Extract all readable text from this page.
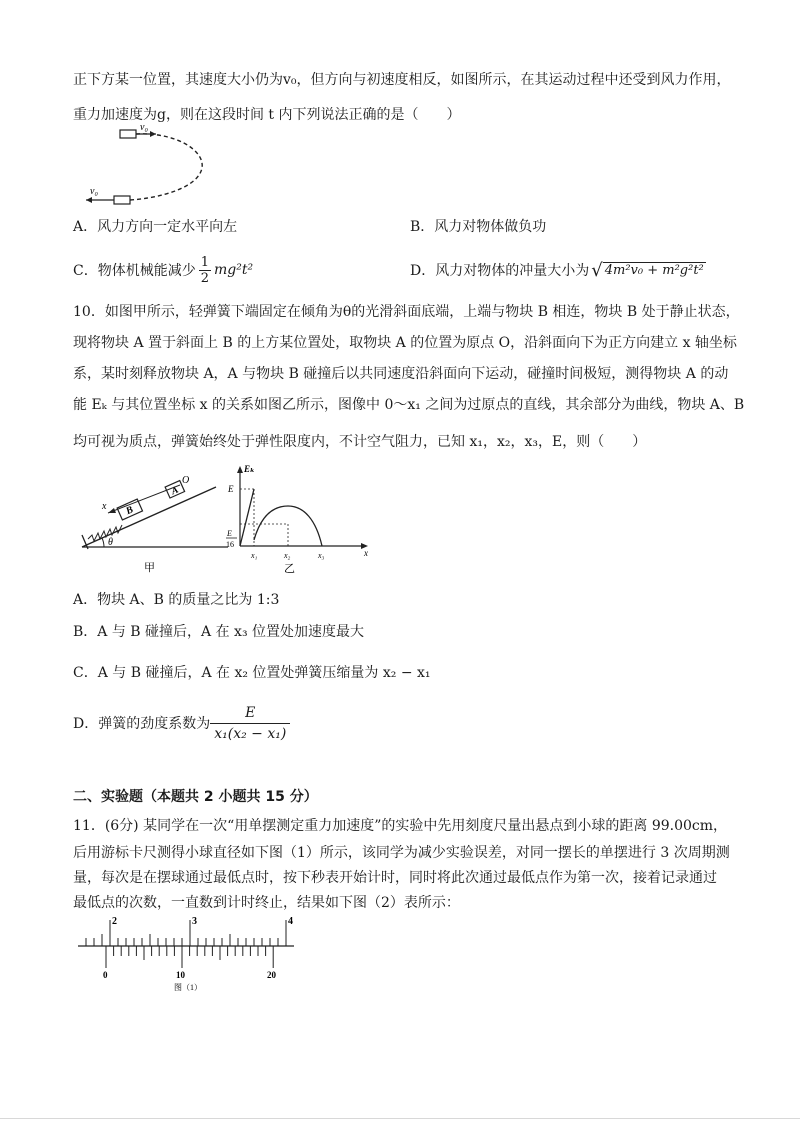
正下方某一位置，其速度大小仍为v₀，但方向与初速度相反，如图所示，在其运动过程中还受到风力作用，
重力加速度为g，则在这段时间 t 内下列说法正确的是（　　）
v₀
v₀
A．风力方向一定水平向左	B．风力对物体做负功
C．物体机械能减少 $\frac{1}{2} mg^2t^2$	D．风力对物体的冲量大小为 √ 4m²v₀ + m²g²t²
10．如图甲所示，轻弹簧下端固定在倾角为θ的光滑斜面底端，上端与物块 B 相连，物块 B 处于静止状态，
现将物块 A 置于斜面上 B 的上方某位置处，取物块 A 的位置为原点 O，沿斜面向下为正方向建立 x 轴坐标
系，某时刻释放物块 A，A 与物块 B 碰撞后以共同速度沿斜面向下运动，碰撞时间极短，测得物块 A 的动
能 Eₖ 与其位置坐标 x 的关系如图乙所示，图像中 0～x₁ 之间为过原点的直线，其余部分为曲线，物块 A、B
均可视为质点，弹簧始终处于弹性限度内，不计空气阻力，已知 x₁，x₂，x₃，E，则（　　）
B
A
O
x
θ
甲
Eₖ
x
E
E
16
x₁	x₂	x₃
乙
A．物块 A、B 的质量之比为 1:3
B．A 与 B 碰撞后，A 在 x₃ 位置处加速度最大
C．A 与 B 碰撞后，A 在 x₂ 位置处弹簧压缩量为 x₂ − x₁
D．弹簧的劲度系数为 $\frac{E}{\text{x₁(x₂ − x₁)}}$
二、实验题（本题共 2 小题共 15 分）
11．(6分) 某同学在一次“用单摆测定重力加速度”的实验中先用刻度尺量出悬点到小球的距离 99.00cm，
后用游标卡尺测得小球直径如下图（1）所示，该同学为减少实验误差，对同一摆长的单摆进行 3 次周期测
量，每次是在摆球通过最低点时，按下秒表开始计时，同时将此次通过最低点作为第一次，接着记录通过
最低点的次数，一直数到计时终止，结果如下图（2）表所示：
2	3	4
0	10	20
图（1）
